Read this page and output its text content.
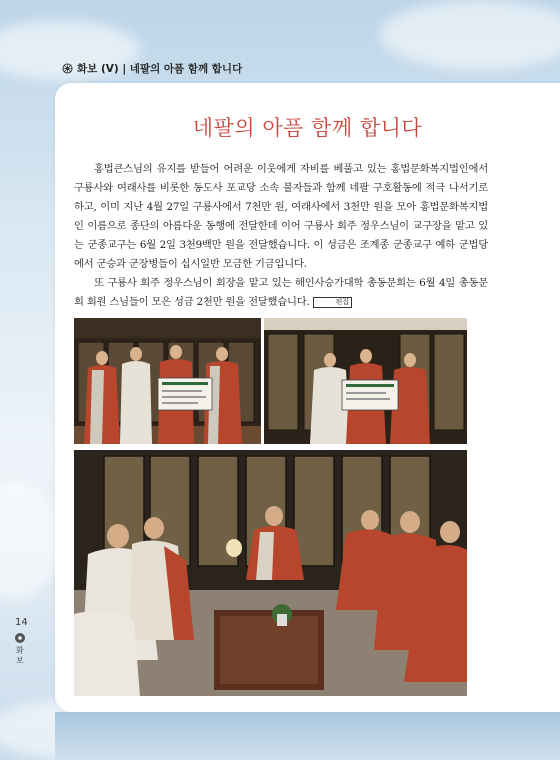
화보 (V) | 네팔의 아픔 함께 합니다
네팔의 아픔 함께 합니다

홍법큰스님의 유지를 받들어 어려운 이웃에게 자비를 베풀고 있는 홍법문화복지법인에서 구룡사와 여래사를 비롯한 동도사 포교당 소속 불자들과 함께 네팔 구호활동에 적극 나서기로 하고, 이미 지난 4월 27일 구룡사에서 7천만 원, 여래사에서 3천만 원을 모아 홍법문화복지법인 이름으로 종단의 아름다운 동행에 전달한데 이어 구룡사 회주 정우스님이 교구장을 맡고 있는 군종교구는 6월 2일 3천9백만 원을 전달했습니다. 이 성금은 조계종 군종교구 예하 군법당에서 군승과 군장병들이 십시일반 모금한 기금입니다.

또 구룡사 회주 정우스님이 회장을 맡고 있는 해인사승가대학 총동문회는 6월 4일 총동문회 회원 스님들이 모은 성금 2천만 원을 전달했습니다.	편집

14
화보
